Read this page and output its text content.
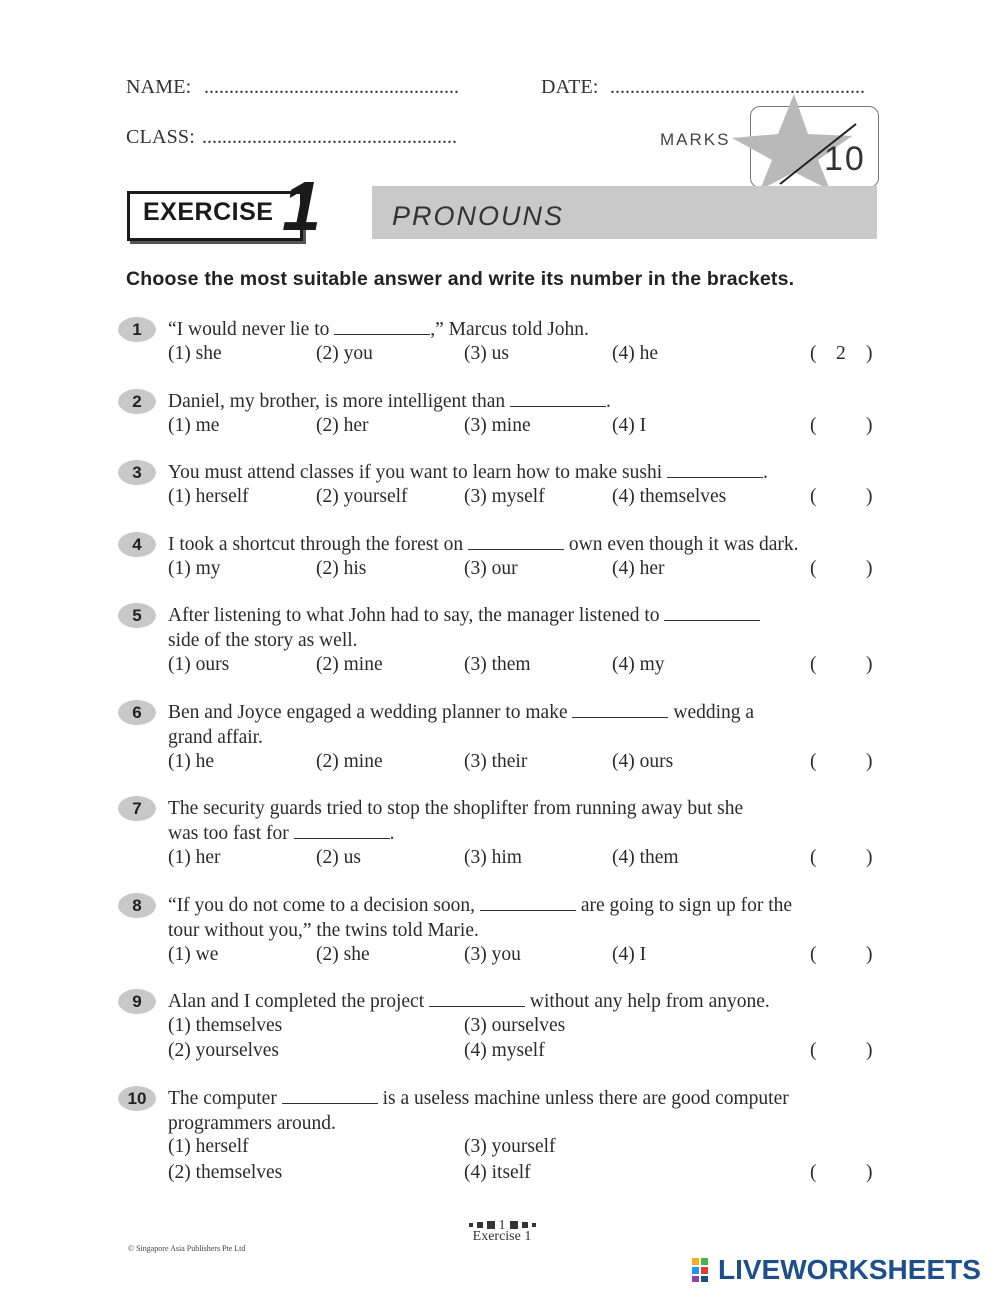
NAME: ...................................................	DATE: ...................................................
CLASS: ...................................................	MARKS
10
EXERCISE 1	PRONOUNS
Choose the most suitable answer and write its number in the brackets.
1	“I would never lie to	,” Marcus told John.
(1) she	(2) you	(3) us	(4) he	( 2 )
2	Daniel, my brother, is more intelligent than	.
(1) me	(2) her	(3) mine	(4) I	(	)
3	You must attend classes if you want to learn how to make sushi	.
(1) herself	(2) yourself	(3) myself	(4) themselves	(	)
4	I took a shortcut through the forest on	own even though it was dark.
(1) my	(2) his	(3) our	(4) her	(	)
5	After listening to what John had to say, the manager listened to
side of the story as well.
(1) ours	(2) mine	(3) them	(4) my	(	)
6	Ben and Joyce engaged a wedding planner to make	wedding a
grand affair.
(1) he	(2) mine	(3) their	(4) ours	(	)
7	The security guards tried to stop the shoplifter from running away but she
was too fast for	.
(1) her	(2) us	(3) him	(4) them	(	)
8	“If you do not come to a decision soon,	are going to sign up for the
tour without you,” the twins told Marie.
(1) we	(2) she	(3) you	(4) I	(	)
9	Alan and I completed the project	without any help from anyone.
(1) themselves	(3) ourselves
(2) yourselves	(4) myself	(	)
10	The computer	is a useless machine unless there are good computer
programmers around.
(1) herself	(3) yourself
(2) themselves	(4) itself	(	)
1
Exercise 1
© Singapore Asia Publishers Pte Ltd
LIVEWORKSHEETS
